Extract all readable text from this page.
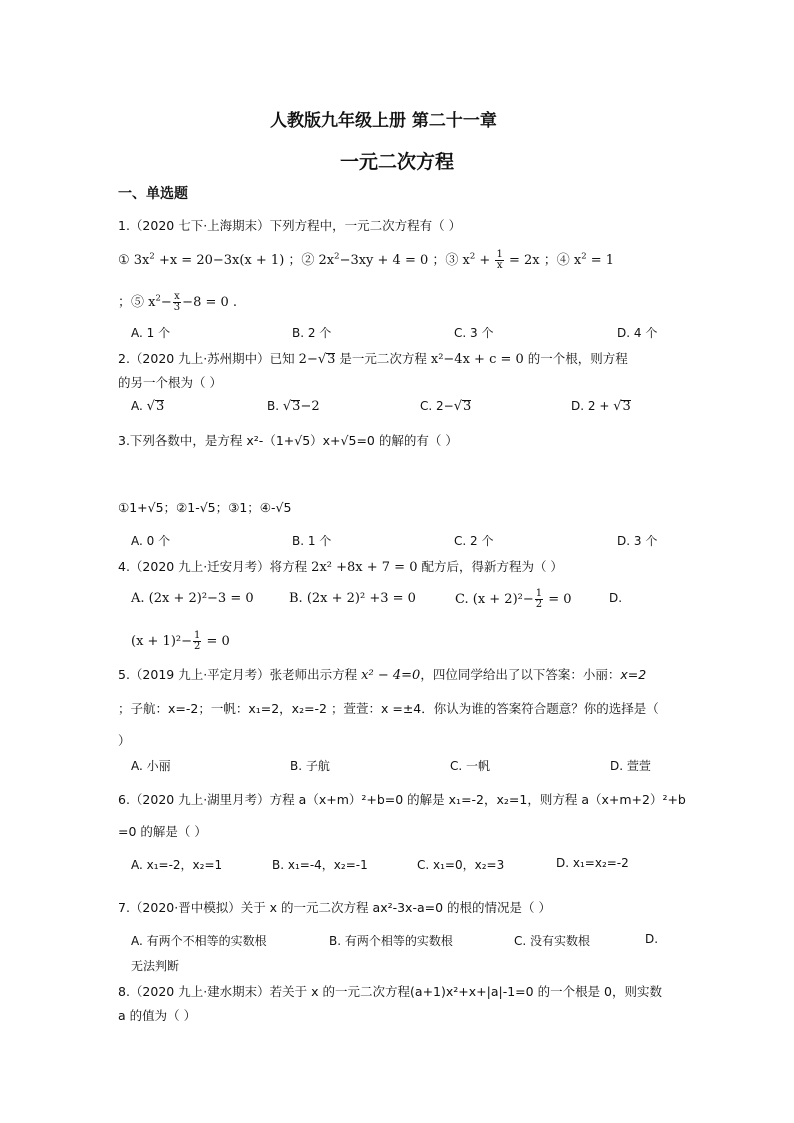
人教版九年级上册 第二十一章
一元二次方程
一、单选题
1.（2020 七下·上海期末）下列方程中，一元二次方程有（ ）
① $3x^2 +x = 20-3x(x + 1)$ ；② $2x^2-3xy + 4 = 0$ ；③ $x^2 + \frac{1}{x} = 2x$ ；④ $x^2 = 1$
；⑤ $x^2- \frac{x}{3} -8 = 0$ .
A. 1 个	B. 2 个	C. 3 个	D. 4 个
2.（2020 九上·苏州期中）已知 2−√3 是一元二次方程 x²−4x + c = 0 的一个根，则方程
的另一个根为（ ）
A. √3	B. √3−2	C. 2−√3	D. 2 + √3
3.下列各数中，是方程 x²-（1+√5）x+√5=0 的解的有（ ）
①1+√5；②1-√5；③1；④-√5
A. 0 个	B. 1 个	C. 2 个	D. 3 个
4.（2020 九上·迁安月考）将方程 2x² +8x + 7 = 0 配方后，得新方程为（ ）
A. (2x + 2)²−3 = 0	B. (2x + 2)² +3 = 0	C. $(x + 2)^2- \frac{1}{2} = 0$	D.
$(x + 1)^2- \frac{1}{2} = 0$
5.（2019 九上·平定月考）张老师出示方程 x² − 4=0，四位同学给出了以下答案：小丽：x=2
；子航：x=-2；一帆：x₁=2，x₂=-2 ；萱萱：x =±4．你认为谁的答案符合题意？你的选择是（
）
A. 小丽	B. 子航	C. 一帆	D. 萱萱
6.（2020 九上·湖里月考）方程 a（x+m）²+b=0 的解是 x₁=-2，x₂=1，则方程 a（x+m+2）²+b
=0 的解是（ ）
A. x₁=-2，x₂=1	B. x₁=-4，x₂=-1	C. x₁=0，x₂=3	D. x₁=x₂=-2
7.（2020·晋中模拟）关于 x 的一元二次方程 ax²-3x-a=0 的根的情况是（ ）
A. 有两个不相等的实数根	B. 有两个相等的实数根	C. 没有实数根	D.
无法判断
8.（2020 九上·建水期末）若关于 x 的一元二次方程(a+1)x²+x+|a|-1=0 的一个根是 0，则实数
a 的值为（ ）
